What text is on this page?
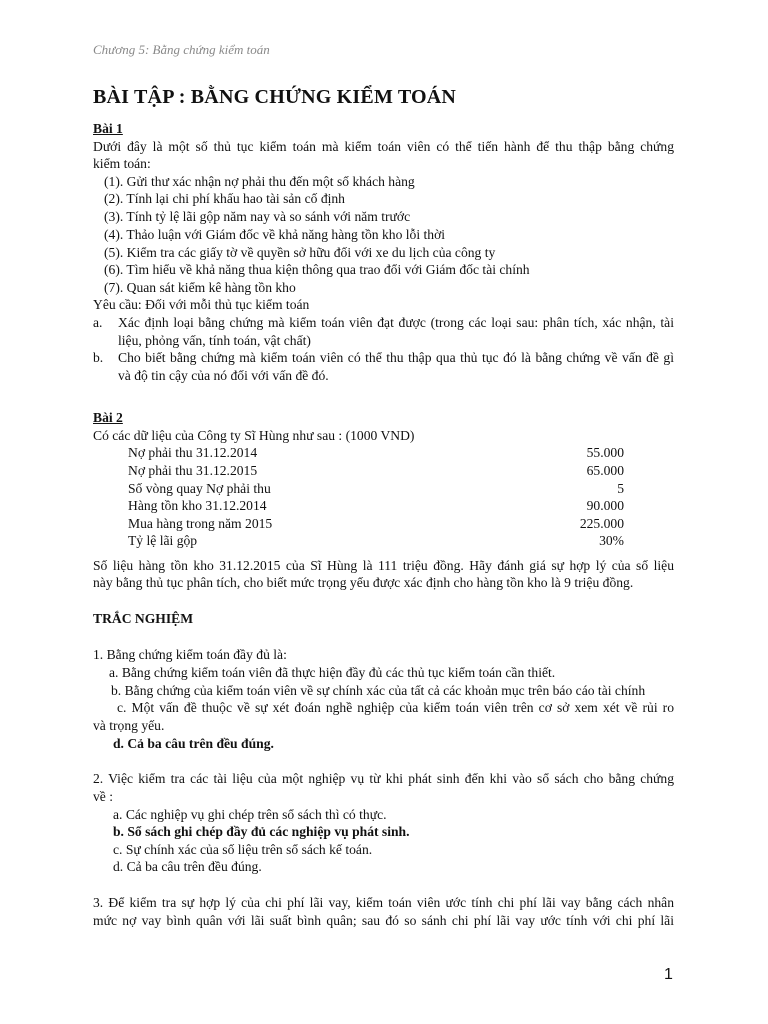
Chương 5: Bằng chứng kiểm toán
BÀI TẬP : BẰNG CHỨNG KIỂM TOÁN
Bài 1
Dưới đây là một số thủ tục kiểm toán mà kiểm toán viên có thể tiến hành để thu thập bằng chứng
kiểm toán:
(1). Gửi thư xác nhận nợ phải thu đến một số khách hàng
(2). Tính lại chi phí khấu hao tài sản cố định
(3). Tính tỷ lệ lãi gộp năm nay và so sánh với năm trước
(4). Thảo luận với Giám đốc về khả năng hàng tồn kho lỗi thời
(5). Kiểm tra các giấy tờ về quyền sở hữu đối với xe du lịch của công ty
(6). Tìm hiểu về khả năng thua kiện thông qua trao đổi với Giám đốc tài chính
(7). Quan sát kiểm kê hàng tồn kho
Yêu cầu: Đối với mỗi thủ tục kiểm toán
a. Xác định loại bằng chứng mà kiểm toán viên đạt được (trong các loại sau: phân tích, xác nhận, tài
liệu, phỏng vấn, tính toán, vật chất)
b. Cho biết bằng chứng mà kiểm toán viên có thể thu thập qua thủ tục đó là bằng chứng về vấn đề gì
và độ tin cậy của nó đối với vấn đề đó.
Bài 2
Có các dữ liệu của Công ty Sĩ Hùng như sau : (1000 VND)
Nợ phải thu 31.12.2014	55.000
Nợ phải thu 31.12.2015	65.000
Số vòng quay Nợ phải thu	5
Hàng tồn kho 31.12.2014	90.000
Mua hàng trong năm 2015	225.000
Tỷ lệ lãi gộp	30%
Số liệu hàng tồn kho 31.12.2015 của Sĩ Hùng là 111 triệu đồng. Hãy đánh giá sự hợp lý của số liệu
này bằng thủ tục phân tích, cho biết mức trọng yếu được xác định cho hàng tồn kho là 9 triệu đồng.
TRẮC NGHIỆM
1. Bằng chứng kiểm toán đầy đủ là:
a. Bằng chứng kiểm toán viên đã thực hiện đầy đủ các thủ tục kiểm toán cần thiết.
b. Bằng chứng của kiểm toán viên về sự chính xác của tất cả các khoản mục trên báo cáo tài chính
c. Một vấn đề thuộc về sự xét đoán nghề nghiệp của kiểm toán viên trên cơ sở xem xét về rủi ro
và trọng yếu.
d. Cả ba câu trên đều đúng.
2. Việc kiểm tra các tài liệu của một nghiệp vụ từ khi phát sinh đến khi vào sổ sách cho bằng chứng
về :
a. Các nghiệp vụ ghi chép trên sổ sách thì có thực.
b. Sổ sách ghi chép đầy đủ các nghiệp vụ phát sinh.
c. Sự chính xác của số liệu trên sổ sách kế toán.
d. Cả ba câu trên đều đúng.
3. Để kiểm tra sự hợp lý của chi phí lãi vay, kiểm toán viên ước tính chi phí lãi vay bằng cách nhân
mức nợ vay bình quân với lãi suất bình quân; sau đó so sánh chi phí lãi vay ước tính với chi phí lãi
1
